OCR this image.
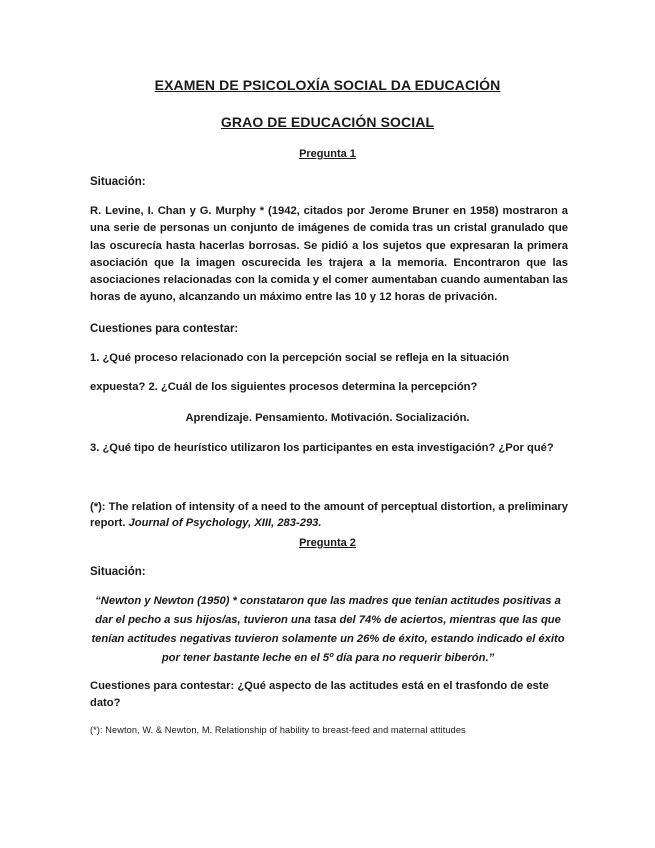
EXAMEN DE PSICOLOXÍA SOCIAL DA EDUCACIÓN
GRAO DE EDUCACIÓN SOCIAL
Pregunta 1
Situación:

R. Levine, I. Chan y G. Murphy * (1942, citados por Jerome Bruner en 1958) mostraron a una serie de personas un conjunto de imágenes de comida tras un cristal granulado que las oscurecía hasta hacerlas borrosas. Se pidió a los sujetos que expresaran la primera asociación que la imagen oscurecida les trajera a la memoria. Encontraron que las asociaciones relacionadas con la comida y el comer aumentaban cuando aumentaban las horas de ayuno, alcanzando un máximo entre las 10 y 12 horas de privación.

Cuestiones para contestar:
1. ¿Qué proceso relacionado con la percepción social se refleja en la situación
expuesta? 2. ¿Cuál de los siguientes procesos determina la percepción?
Aprendizaje. Pensamiento. Motivación. Socialización.
3. ¿Qué tipo de heurístico utilizaron los participantes en esta investigación? ¿Por qué?

(*): The relation of intensity of a need to the amount of perceptual distortion, a preliminary report. Journal of Psychology, XIII, 283-293.

Pregunta 2
Situación:

“Newton y Newton (1950) * constataron que las madres que tenían actitudes positivas a dar el pecho a sus hijos/as, tuvieron una tasa del 74% de aciertos, mientras que las que tenían actitudes negativas tuvieron solamente un 26% de éxito, estando indicado el éxito por tener bastante leche en el 5º día para no requerir biberón.”

Cuestiones para contestar: ¿Qué aspecto de las actitudes está en el trasfondo de este dato?

(*): Newton, W. & Newton, M. Relationship of hability to breast-feed and maternal attitudes
